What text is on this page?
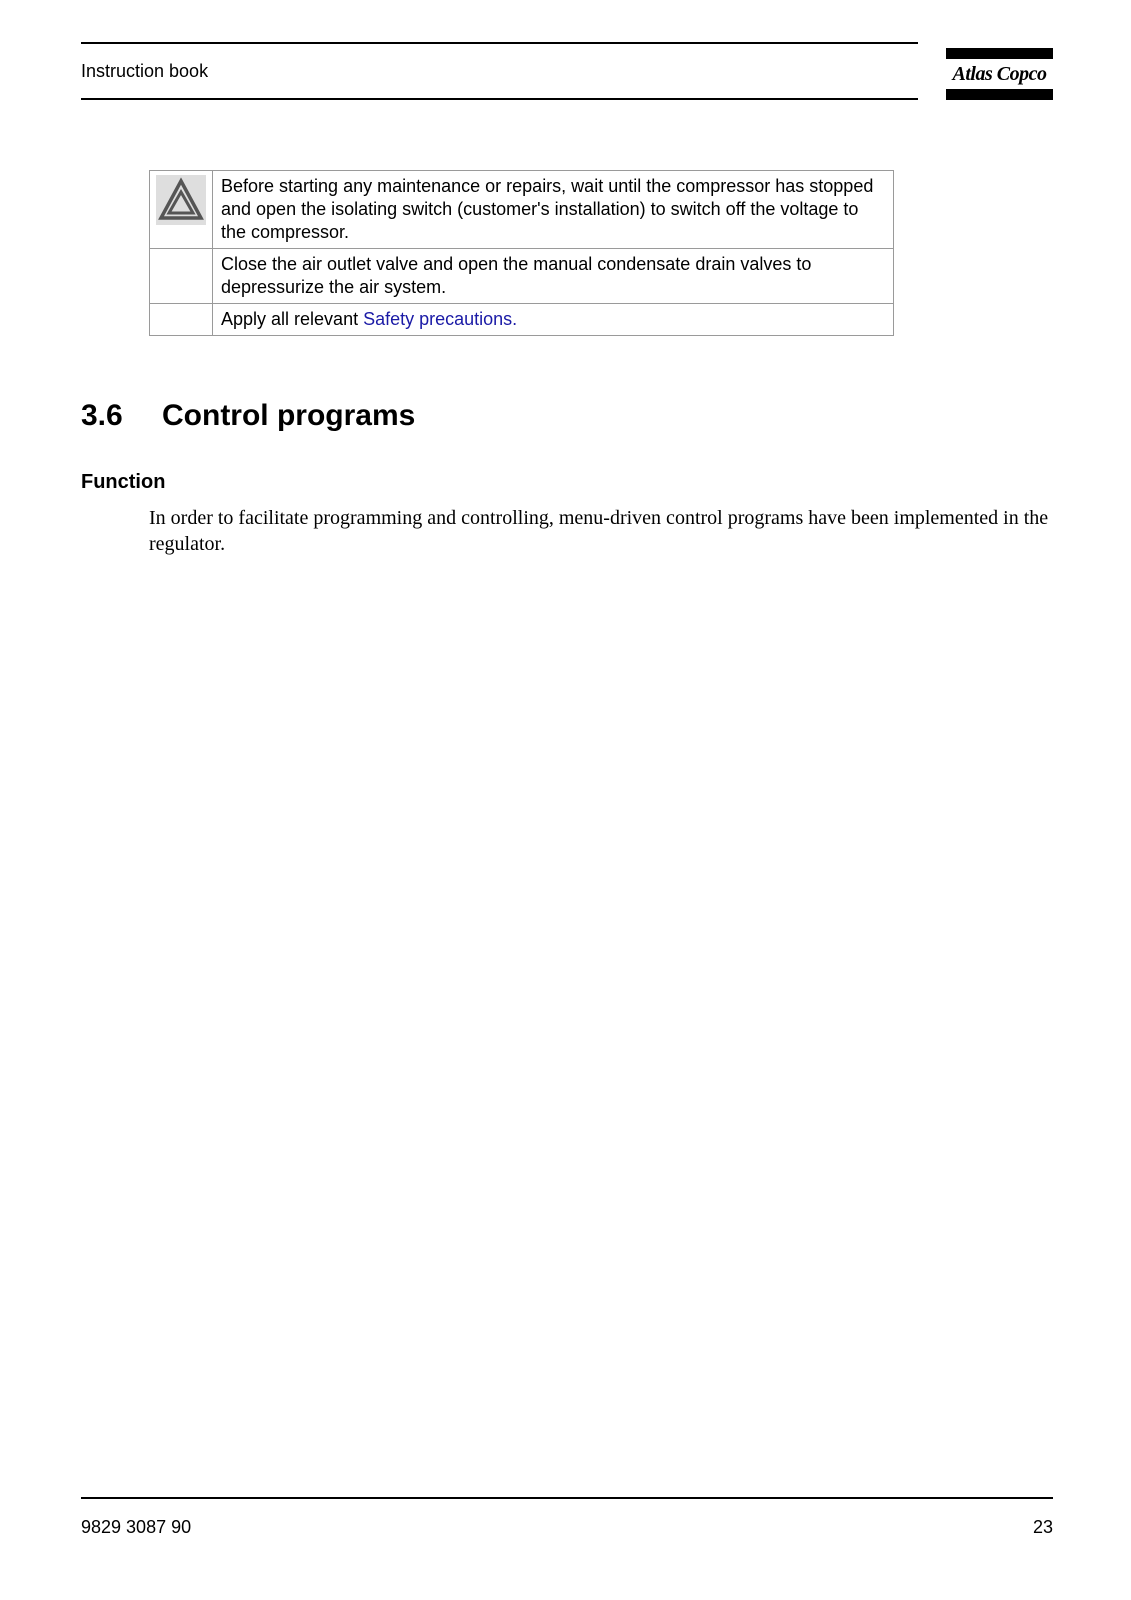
Instruction book	Atlas Copco
	Before starting any maintenance or repairs, wait until the compressor has stopped and open the isolating switch (customer's installation) to switch off the voltage to the compressor.
	Close the air outlet valve and open the manual condensate drain valves to depressurize the air system.
	Apply all relevant Safety precautions.
3.6 Control programs
Function
In order to facilitate programming and controlling, menu-driven control programs have been implemented in the regulator.
9829 3087 90	23
